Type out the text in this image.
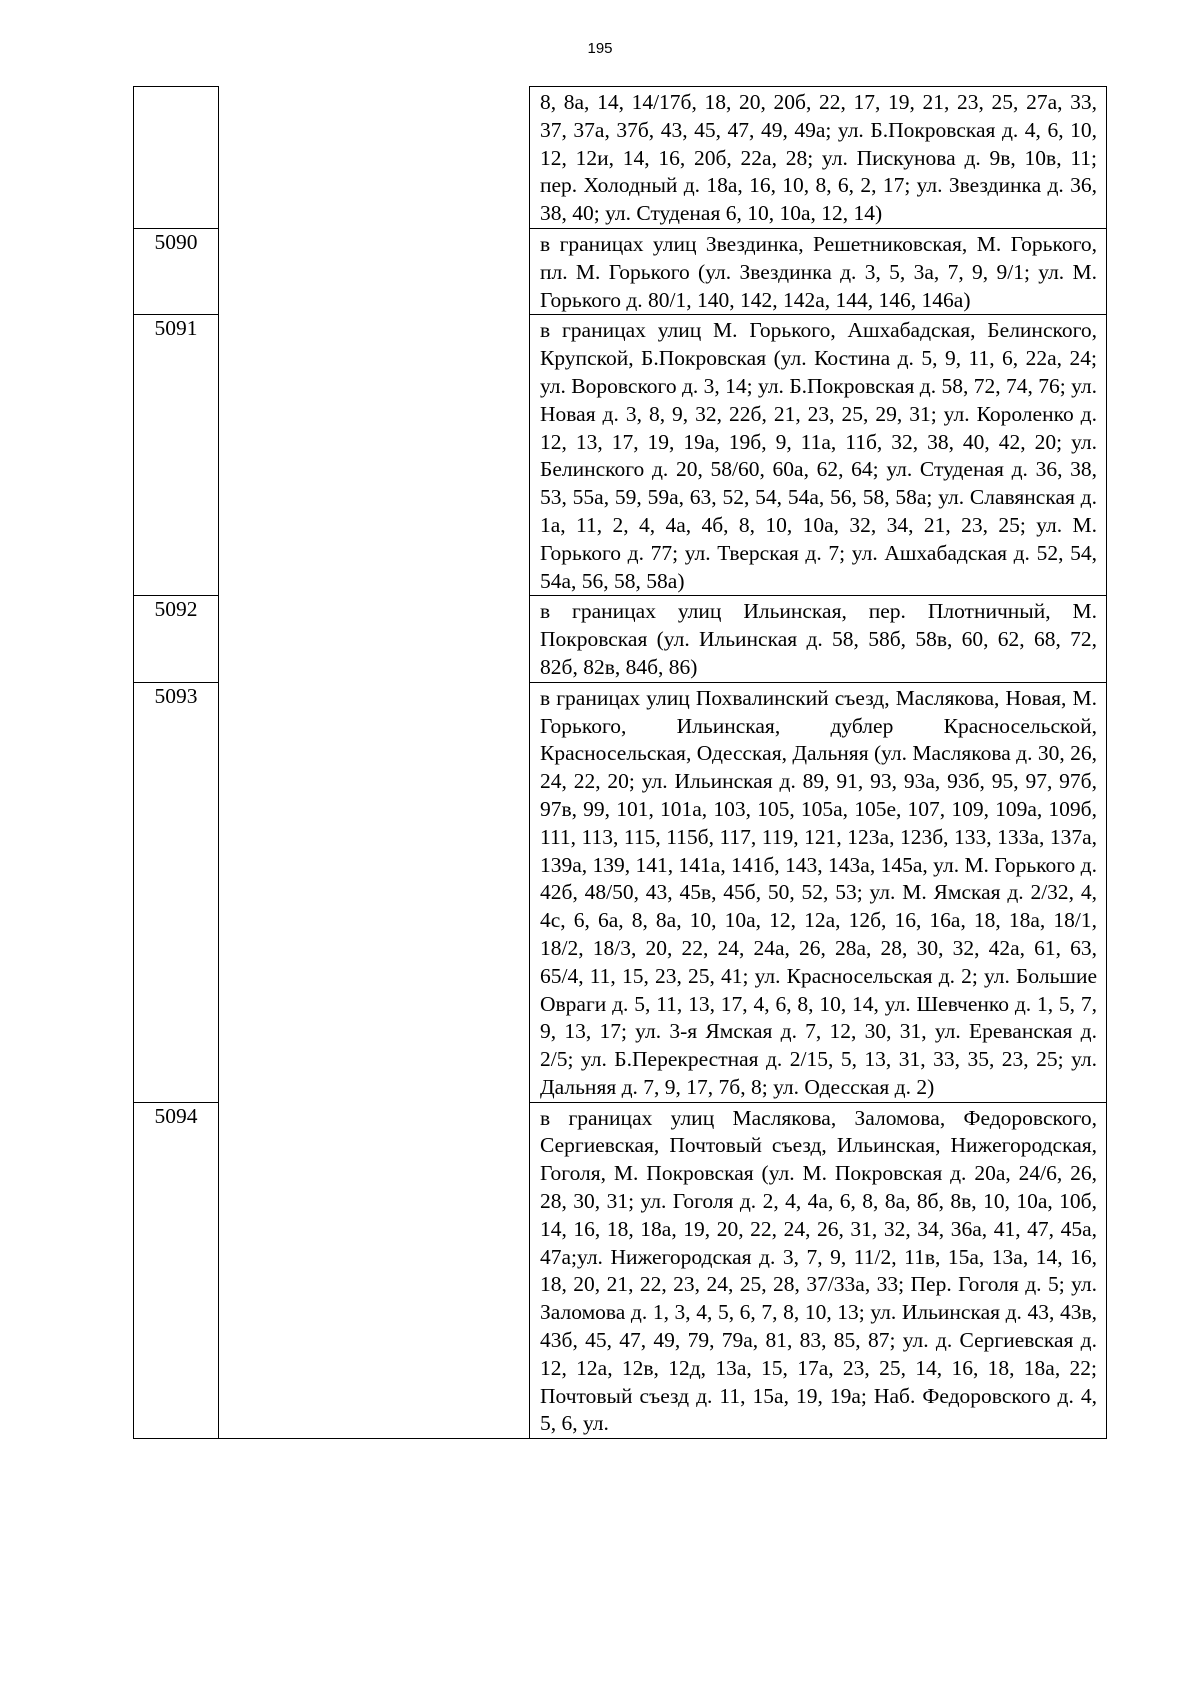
195

		8, 8а, 14, 14/17б, 18, 20, 20б, 22, 17, 19, 21, 23, 25, 27а, 33, 37, 37а, 37б, 43, 45, 47, 49, 49а; ул. Б.Покровская д. 4, 6, 10, 12, 12и, 14, 16, 20б, 22а, 28; ул. Пискунова д. 9в, 10в, 11; пер. Холодный д. 18а, 16, 10, 8, 6, 2, 17; ул. Звездинка д. 36, 38, 40; ул. Студеная 6, 10, 10а, 12, 14)

5090		в границах улиц Звездинка, Решетниковская, М. Горького, пл. М. Горького (ул. Звездинка д. 3, 5, 3а, 7, 9, 9/1; ул. М. Горького д. 80/1, 140, 142, 142а, 144, 146, 146а)

5091		в границах улиц М. Горького, Ашхабадская, Белинского, Крупской, Б.Покровская (ул. Костина д. 5, 9, 11, 6, 22а, 24; ул. Воровского д. 3, 14; ул. Б.Покровская д. 58, 72, 74, 76; ул. Новая д. 3, 8, 9, 32, 22б, 21, 23, 25, 29, 31; ул. Короленко д. 12, 13, 17, 19, 19а, 19б, 9, 11а, 11б, 32, 38, 40, 42, 20; ул. Белинского д. 20, 58/60, 60а, 62, 64; ул. Студеная д. 36, 38, 53, 55а, 59, 59а, 63, 52, 54, 54а, 56, 58, 58а; ул. Славянская д. 1а, 11, 2, 4, 4а, 4б, 8, 10, 10а, 32, 34, 21, 23, 25; ул. М. Горького д. 77; ул. Тверская д. 7; ул. Ашхабадская д. 52, 54, 54а, 56, 58, 58а)

5092		в границах улиц Ильинская, пер. Плотничный, М. Покровская (ул. Ильинская д. 58, 58б, 58в, 60, 62, 68, 72, 82б, 82в, 84б, 86)

5093		в границах улиц Похвалинский съезд, Маслякова, Новая, М. Горького, Ильинская, дублер Красносельской, Красносельская, Одесская, Дальняя (ул. Маслякова д. 30, 26, 24, 22, 20; ул. Ильинская д. 89, 91, 93, 93а, 93б, 95, 97, 97б, 97в, 99, 101, 101а, 103, 105, 105а, 105е, 107, 109, 109а, 109б, 111, 113, 115, 115б, 117, 119, 121, 123а, 123б, 133, 133а, 137а, 139а, 139, 141, 141а, 141б, 143, 143а, 145а, ул. М. Горького д. 42б, 48/50, 43, 45в, 45б, 50, 52, 53; ул. М. Ямская д. 2/32, 4, 4с, 6, 6а, 8, 8а, 10, 10а, 12, 12а, 12б, 16, 16а, 18, 18а, 18/1, 18/2, 18/3, 20, 22, 24, 24а, 26, 28а, 28, 30, 32, 42а, 61, 63, 65/4, 11, 15, 23, 25, 41; ул. Красносельская д. 2; ул. Большие Овраги д. 5, 11, 13, 17, 4, 6, 8, 10, 14, ул. Шевченко д. 1, 5, 7, 9, 13, 17; ул. 3-я Ямская д. 7, 12, 30, 31, ул. Ереванская д. 2/5; ул. Б.Перекрестная д. 2/15, 5, 13, 31, 33, 35, 23, 25; ул. Дальняя д. 7, 9, 17, 7б, 8; ул. Одесская д. 2)

5094		в границах улиц Маслякова, Заломова, Федоровского, Сергиевская, Почтовый съезд, Ильинская, Нижегородская, Гоголя, М. Покровская (ул. М. Покровская д. 20а, 24/6, 26, 28, 30, 31; ул. Гоголя д. 2, 4, 4а, 6, 8, 8а, 8б, 8в, 10, 10а, 10б, 14, 16, 18, 18а, 19, 20, 22, 24, 26, 31, 32, 34, 36а, 41, 47, 45а, 47а;ул. Нижегородская д. 3, 7, 9, 11/2, 11в, 15а, 13а, 14, 16, 18, 20, 21, 22, 23, 24, 25, 28, 37/33а, 33; Пер. Гоголя д. 5; ул. Заломова д. 1, 3, 4, 5, 6, 7, 8, 10, 13; ул. Ильинская д. 43, 43в, 43б, 45, 47, 49, 79, 79а, 81, 83, 85, 87; ул. д. Сергиевская д. 12, 12а, 12в, 12д, 13а, 15, 17а, 23, 25, 14, 16, 18, 18а, 22; Почтовый съезд д. 11, 15а, 19, 19а; Наб. Федоровского д. 4, 5, 6, ул.
